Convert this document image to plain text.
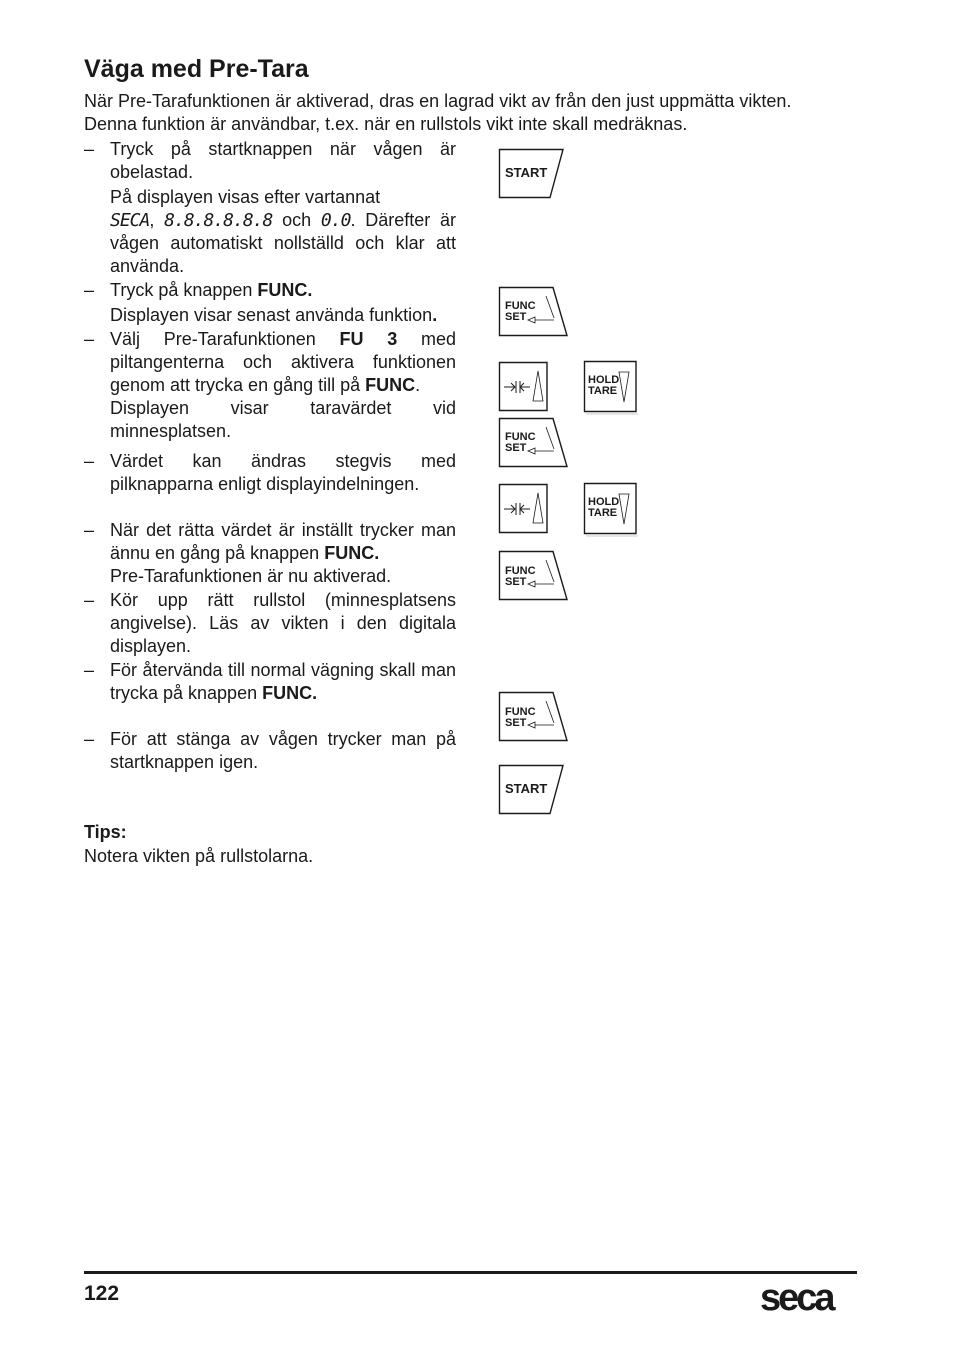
Väga med Pre-Tara
När Pre-Tarafunktionen är aktiverad, dras en lagrad vikt av från den just uppmätta vikten.
Denna funktion är användbar, t.ex. när en rullstols vikt inte skall medräknas.
– Tryck på startknappen när vågen är obelastad.
På displayen visas efter vartannat
SECA, 8.8.8.8.8.8 och 0.0. Därefter är vågen automatiskt nollställd och klar att använda.
– Tryck på knappen FUNC.
Displayen visar senast använda funktion.
– Välj Pre-Tarafunktionen FU 3 med piltangenterna och aktivera funktionen genom att trycka en gång till på FUNC.
Displayen visar taravärdet vid minnesplatsen.
– Värdet kan ändras stegvis med pilknapparna enligt displayindelningen.
– När det rätta värdet är inställt trycker man ännu en gång på knappen FUNC.
Pre-Tarafunktionen är nu aktiverad.
– Kör upp rätt rullstol (minnesplatsens angivelse). Läs av vikten i den digitala displayen.
– För återvända till normal vägning skall man trycka på knappen FUNC.
– För att stänga av vågen trycker man på startknappen igen.
START
FUNC
SET
HOLD
TARE
FUNC
SET
HOLD
TARE
FUNC
SET
FUNC
SET
START
Tips:
Notera vikten på rullstolarna.
122	seca
